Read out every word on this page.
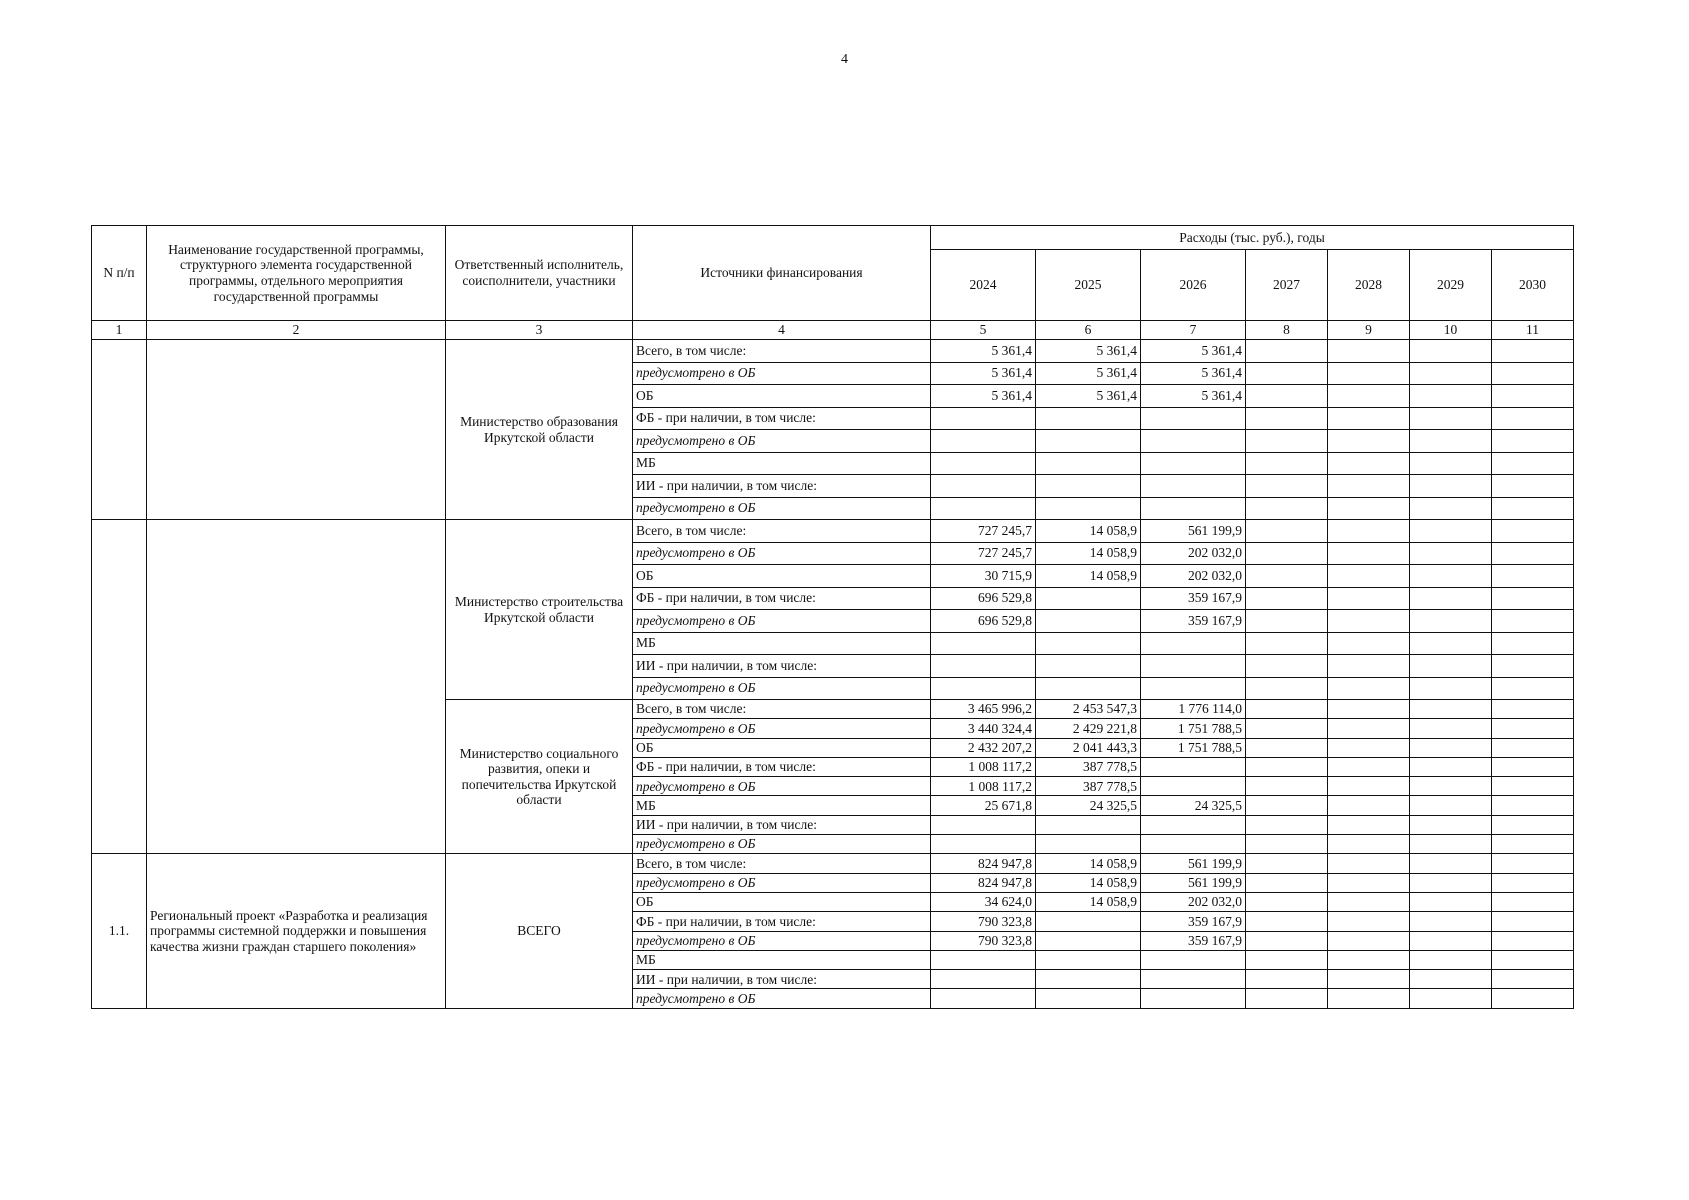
4
N п/п	Наименование государственной программы, структурного элемента государственной программы, отдельного мероприятия государственной программы	Ответственный исполнитель, соисполнители, участники	Источники финансирования	Расходы (тыс. руб.), годы						
				2024	2025	2026	2027	2028	2029	2030
1	2	3	4	5	6	7	8	9	10	11
		Министерство образования Иркутской области	Всего, в том числе:	5 361,4	5 361,4	5 361,4				
			предусмотрено в ОБ	5 361,4	5 361,4	5 361,4				
			ОБ	5 361,4	5 361,4	5 361,4				
			ФБ - при наличии, в том числе:							
			предусмотрено в ОБ							
			МБ							
			ИИ - при наличии, в том числе:							
			предусмотрено в ОБ							
		Министерство строительства Иркутской области	Всего, в том числе:	727 245,7	14 058,9	561 199,9				
			предусмотрено в ОБ	727 245,7	14 058,9	202 032,0				
			ОБ	30 715,9	14 058,9	202 032,0				
			ФБ - при наличии, в том числе:	696 529,8		359 167,9				
			предусмотрено в ОБ	696 529,8		359 167,9				
			МБ							
			ИИ - при наличии, в том числе:							
			предусмотрено в ОБ							
		Министерство социального развития, опеки и попечительства Иркутской области	Всего, в том числе:	3 465 996,2	2 453 547,3	1 776 114,0				
			предусмотрено в ОБ	3 440 324,4	2 429 221,8	1 751 788,5				
			ОБ	2 432 207,2	2 041 443,3	1 751 788,5				
			ФБ - при наличии, в том числе:	1 008 117,2	387 778,5					
			предусмотрено в ОБ	1 008 117,2	387 778,5					
			МБ	25 671,8	24 325,5	24 325,5				
			ИИ - при наличии, в том числе:							
			предусмотрено в ОБ							
1.1.	Региональный проект «Разработка и реализация программы системной поддержки и повышения качества жизни граждан старшего поколения»	ВСЕГО	Всего, в том числе:	824 947,8	14 058,9	561 199,9				
			предусмотрено в ОБ	824 947,8	14 058,9	561 199,9				
			ОБ	34 624,0	14 058,9	202 032,0				
			ФБ - при наличии, в том числе:	790 323,8		359 167,9				
			предусмотрено в ОБ	790 323,8		359 167,9				
			МБ							
			ИИ - при наличии, в том числе:							
			предусмотрено в ОБ							
